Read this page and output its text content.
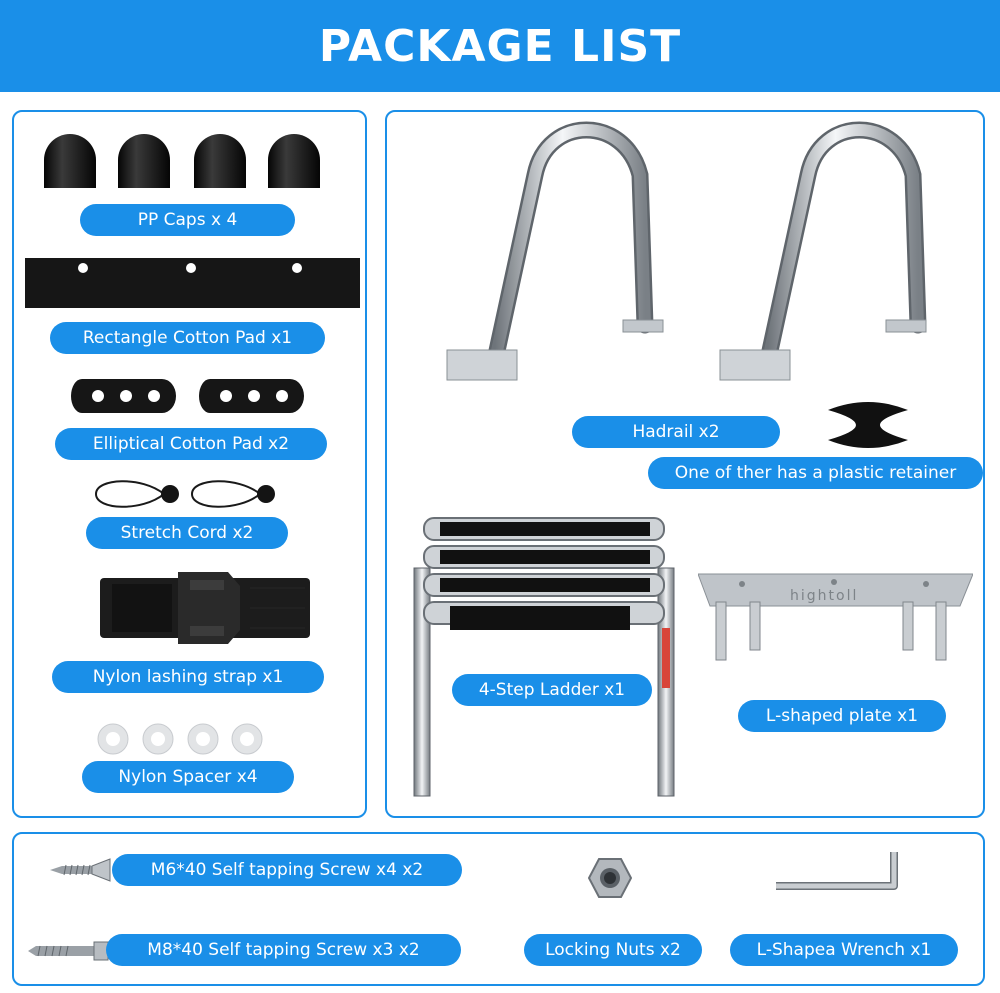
PACKAGE LIST
PP Caps x 4
Rectangle Cotton Pad x1
Elliptical Cotton Pad x2
Stretch Cord x2
Nylon lashing strap x1
Nylon Spacer x4
Hadrail x2
One of ther has a plastic retainer
4-Step Ladder x1
hightoll
L-shaped plate x1
M6*40 Self tapping Screw x4 x2
M8*40 Self tapping Screw x3 x2	Locking Nuts x2	L-Shapea Wrench x1
